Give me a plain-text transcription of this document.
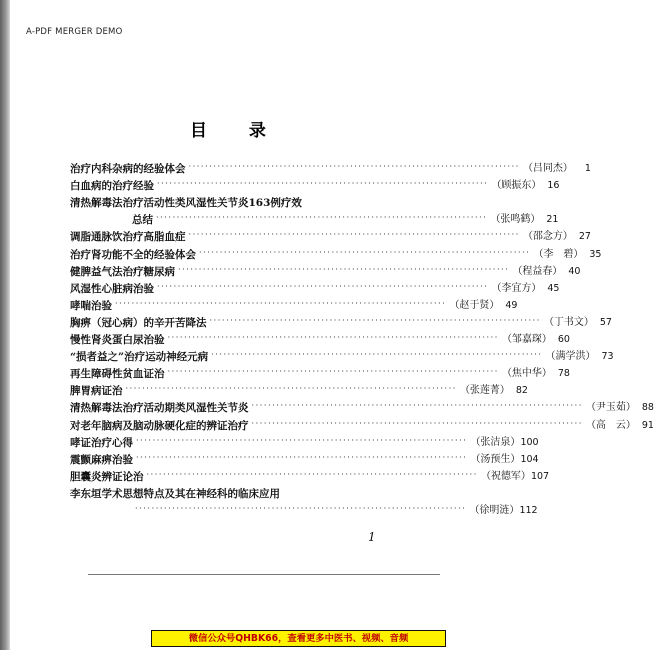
A-PDF MERGER DEMO
目 录
治疗内科杂病的经验体会 ················································································ （吕同杰）	1
白血病的治疗经验 ················································································ （顾振东） 16
清热解毒法治疗活动性类风湿性关节炎163例疗效
总结 ················································································ （张鸣鹤） 21
调脂通脉饮治疗高脂血症 ················································································ （邵念方） 27
治疗肾功能不全的经验体会 ················································································ （李　碧） 35
健脾益气法治疗糖尿病 ················································································ （程益春） 40
风湿性心脏病治验 ················································································ （李宜方） 45
哮喘治验 ················································································ （赵于贤） 49
胸痹（冠心病）的辛开苦降法 ················································································ （丁书文） 57
慢性肾炎蛋白尿治验 ················································································ （邹嘉琛） 60
“损者益之”治疗运动神经元病 ················································································ （满学洪） 73
再生障碍性贫血证治 ················································································ （焦中华） 78
脾胃病证治 ················································································ （张莲菁） 82
清热解毒法治疗活动期类风湿性关节炎 ················································································ （尹玉茹） 88
对老年脑病及脑动脉硬化症的辨证治疗 ················································································ （高　云） 91
哮证治疗心得 ················································································ （张洁泉） 100
震颤麻痹治验 ················································································ （汤预生） 104
胆囊炎辨证论治 ················································································ （祝德军） 107
李东垣学术思想特点及其在神经科的临床应用
················································································ （徐明涟） 112
1
微信公众号QHBK66，查看更多中医书、视频、音频
